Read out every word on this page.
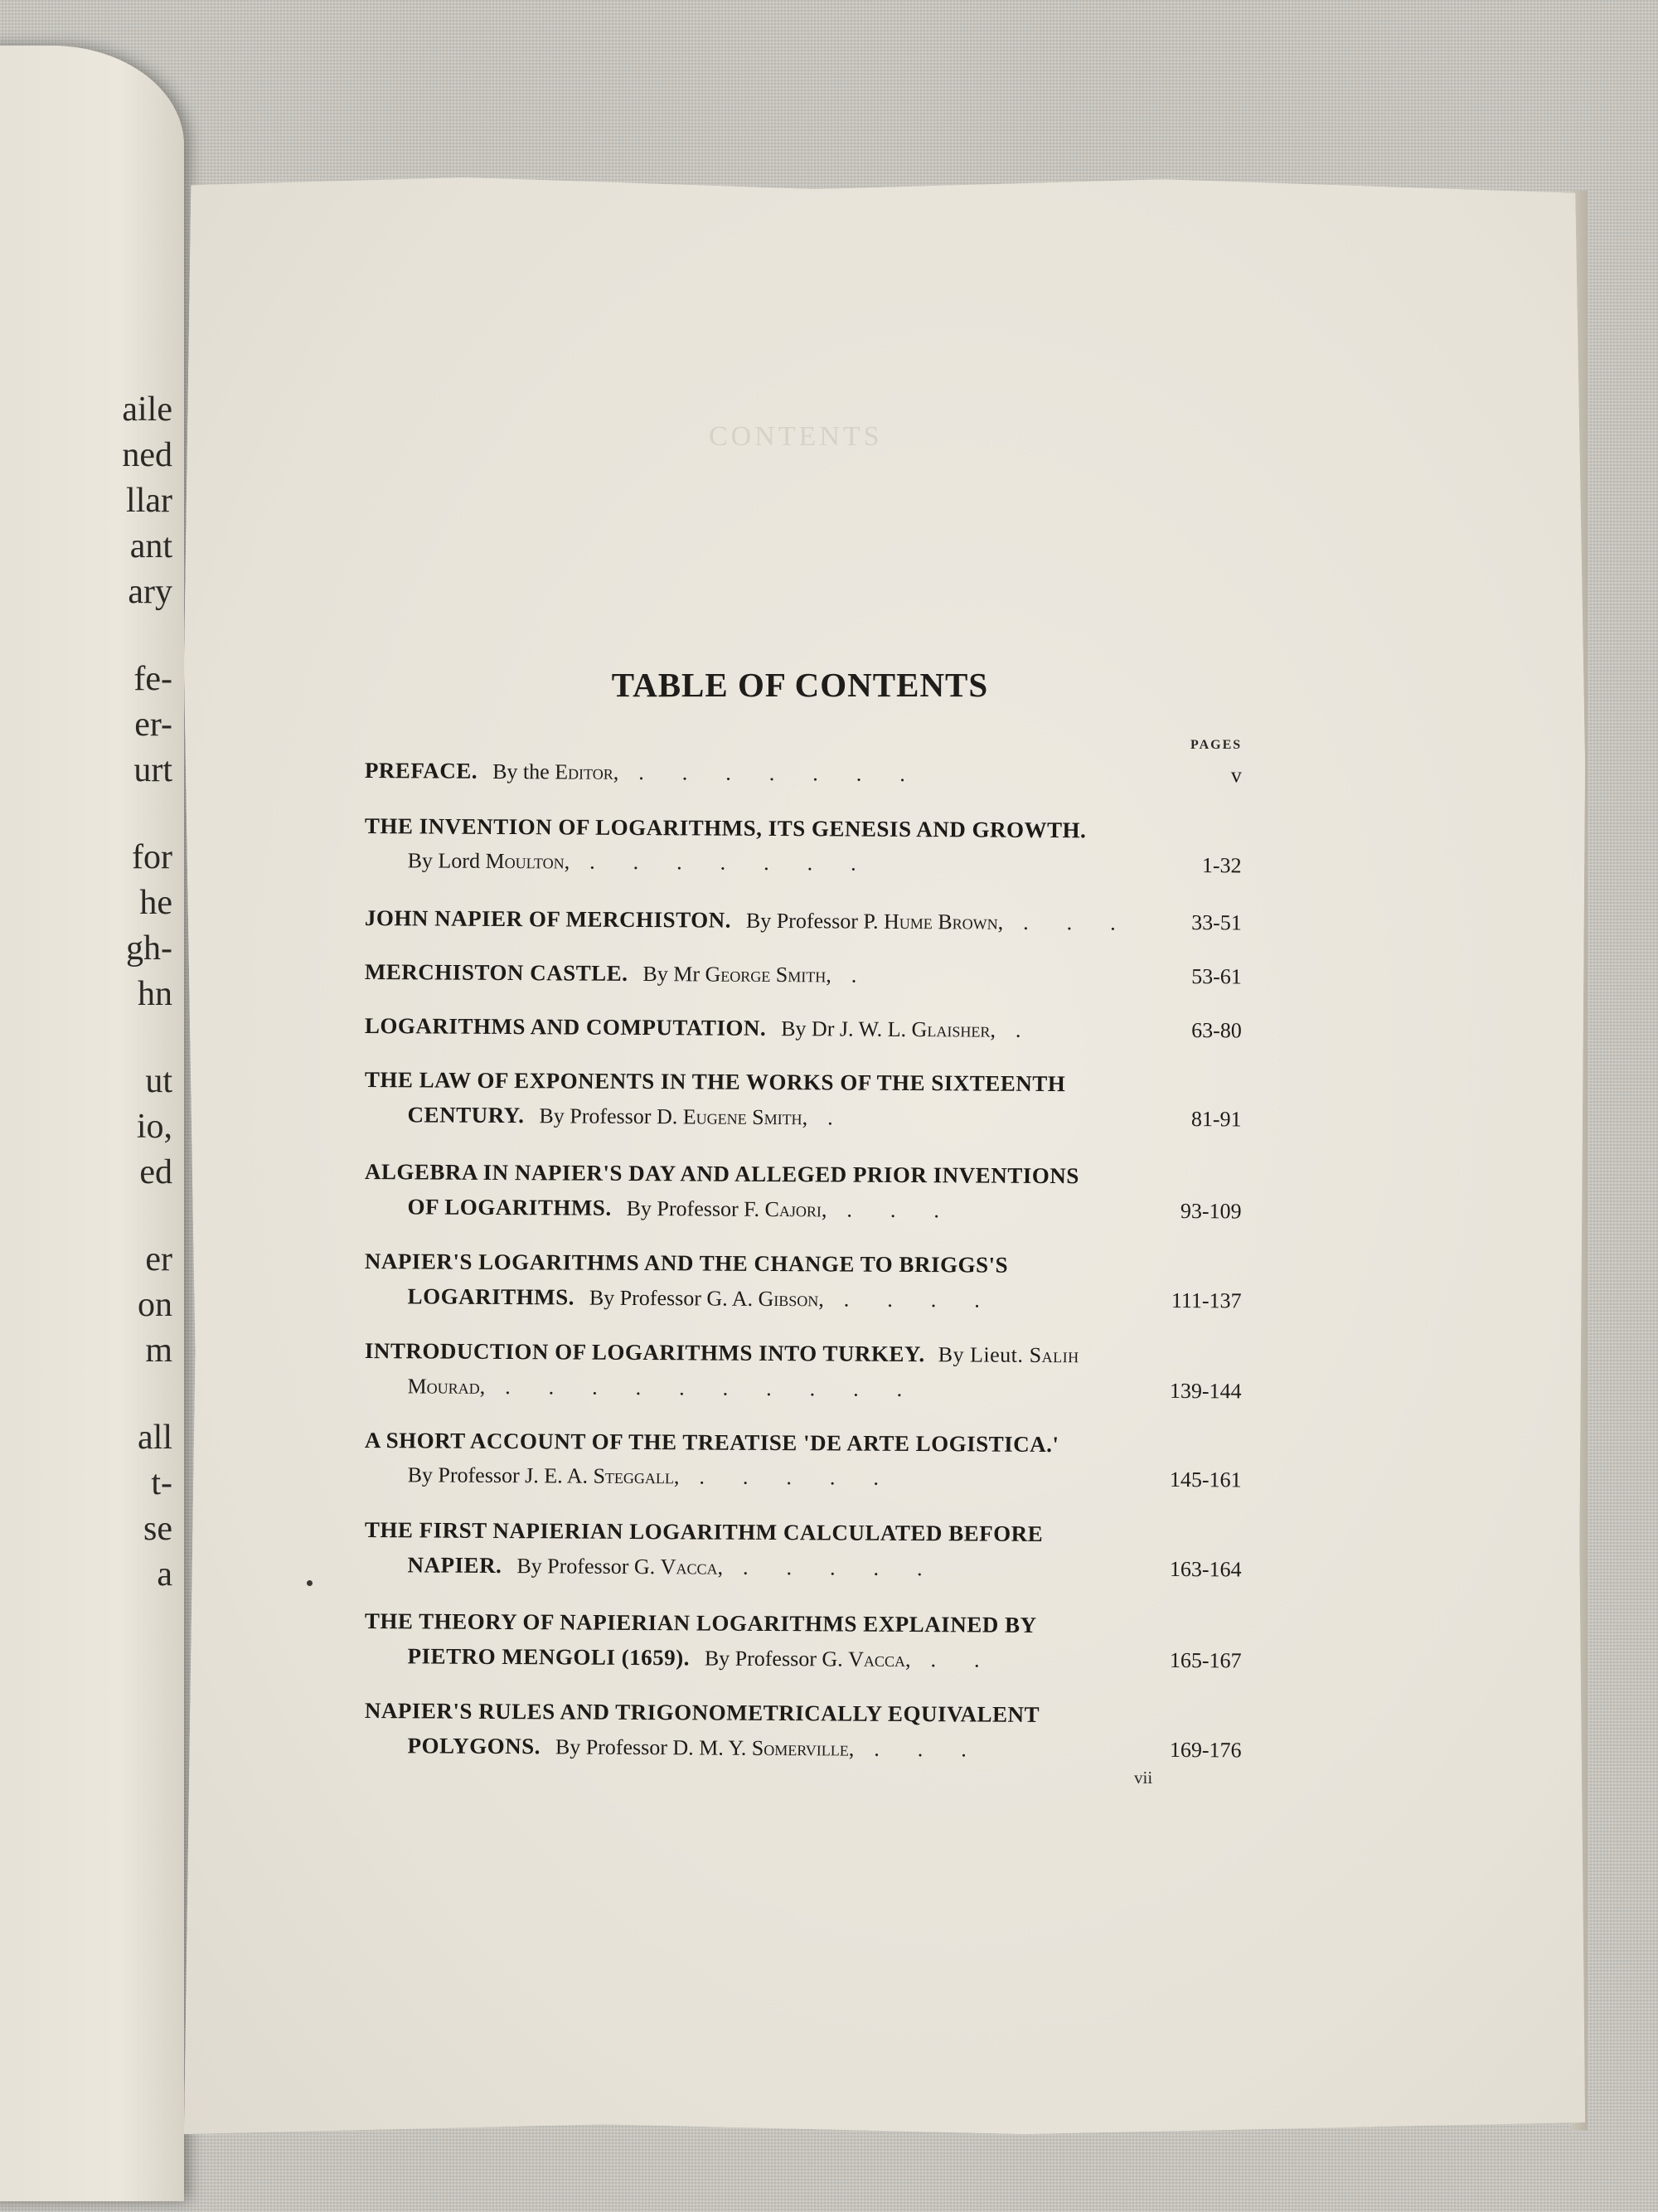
aile
ned
llar
ant
ary
fe-
er-
urt
for
he
gh-
hn
ut
io,
ed
er
on
m
all
t-
se
a
CONTENTS
TABLE OF CONTENTS
PAGES
PREFACE. By the Editor, .......	v
THE INVENTION OF LOGARITHMS, ITS GENESIS AND GROWTH.
By Lord Moulton, .......	1-32
JOHN NAPIER OF MERCHISTON. By Professor P. Hume Brown, ... 33-51
MERCHISTON CASTLE. By Mr George Smith, .	53-61
LOGARITHMS AND COMPUTATION. By Dr J. W. L. Glaisher, .	63-80
THE LAW OF EXPONENTS IN THE WORKS OF THE SIXTEENTH
CENTURY. By Professor D. Eugene Smith, .	81-91
ALGEBRA IN NAPIER'S DAY AND ALLEGED PRIOR INVENTIONS
OF LOGARITHMS. By Professor F. Cajori, ...	93-109
NAPIER'S LOGARITHMS AND THE CHANGE TO BRIGGS'S
LOGARITHMS. By Professor G. A. Gibson, ....	111-137
INTRODUCTION OF LOGARITHMS INTO TURKEY. By Lieut. Salih
Mourad, ..........	139-144
A SHORT ACCOUNT OF THE TREATISE 'DE ARTE LOGISTICA.'
By Professor J. E. A. Steggall, .....	145-161
THE FIRST NAPIERIAN LOGARITHM CALCULATED BEFORE
NAPIER. By Professor G. Vacca, .....	163-164
THE THEORY OF NAPIERIAN LOGARITHMS EXPLAINED BY
PIETRO MENGOLI (1659). By Professor G. Vacca, ..	165-167
NAPIER'S RULES AND TRIGONOMETRICALLY EQUIVALENT
POLYGONS. By Professor D. M. Y. Somerville, ...	169-176
vii
